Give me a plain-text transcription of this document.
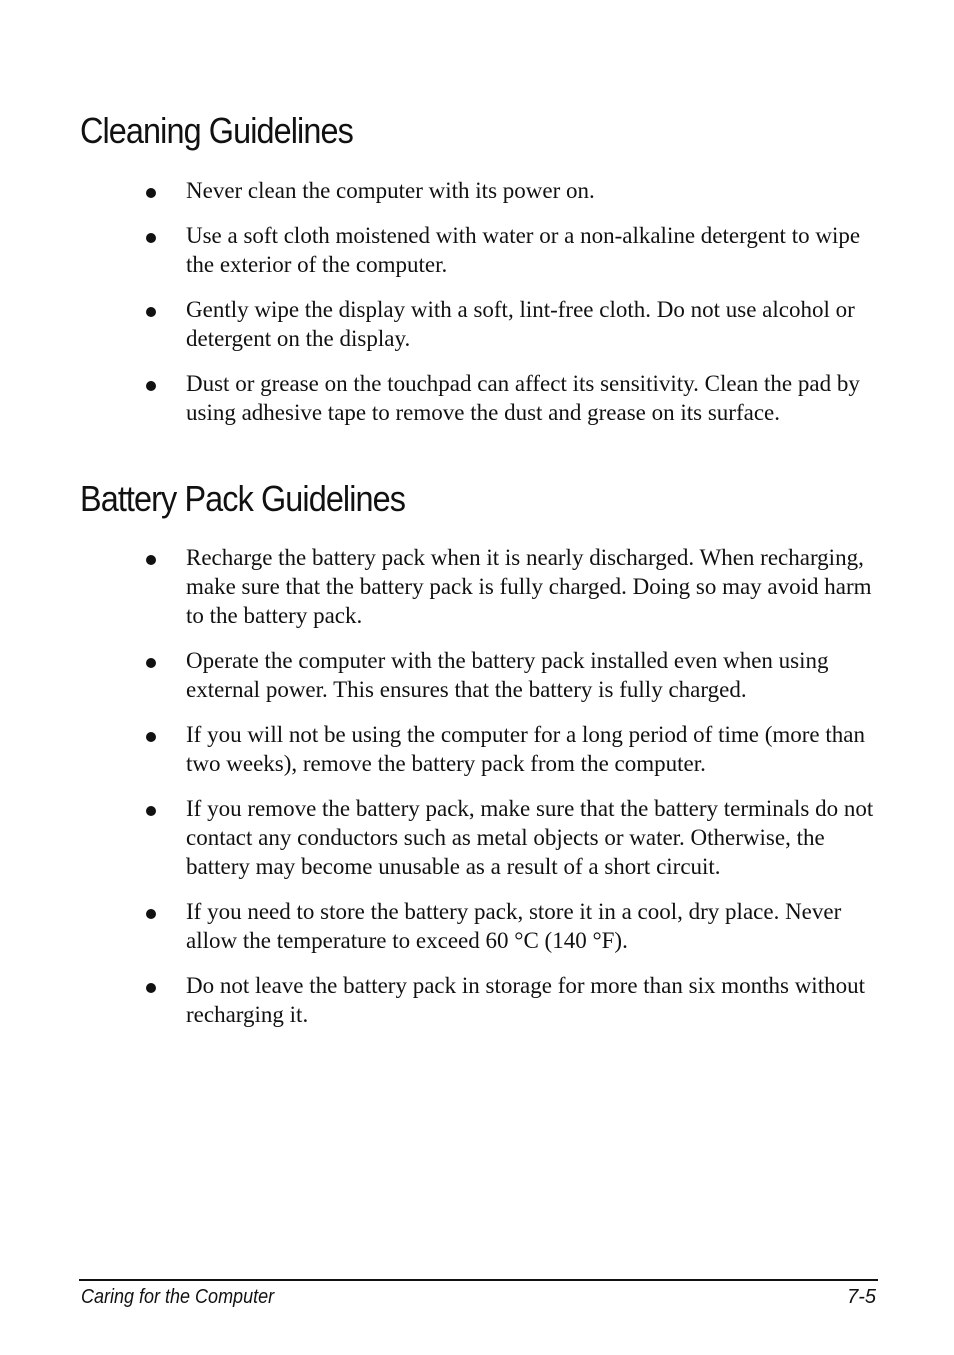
Cleaning Guidelines
Never clean the computer with its power on.
Use a soft cloth moistened with water or a non-alkaline detergent to wipe the exterior of the computer.
Gently wipe the display with a soft, lint-free cloth. Do not use alcohol or detergent on the display.
Dust or grease on the touchpad can affect its sensitivity. Clean the pad by using adhesive tape to remove the dust and grease on its surface.
Battery Pack Guidelines
Recharge the battery pack when it is nearly discharged. When recharging, make sure that the battery pack is fully charged. Doing so may avoid harm to the battery pack.
Operate the computer with the battery pack installed even when using external power. This ensures that the battery is fully charged.
If you will not be using the computer for a long period of time (more than two weeks), remove the battery pack from the computer.
If you remove the battery pack, make sure that the battery terminals do not contact any conductors such as metal objects or water. Otherwise, the battery may become unusable as a result of a short circuit.
If you need to store the battery pack, store it in a cool, dry place. Never allow the temperature to exceed 60 °C (140 °F).
Do not leave the battery pack in storage for more than six months without recharging it.
Caring for the Computer	7-5
